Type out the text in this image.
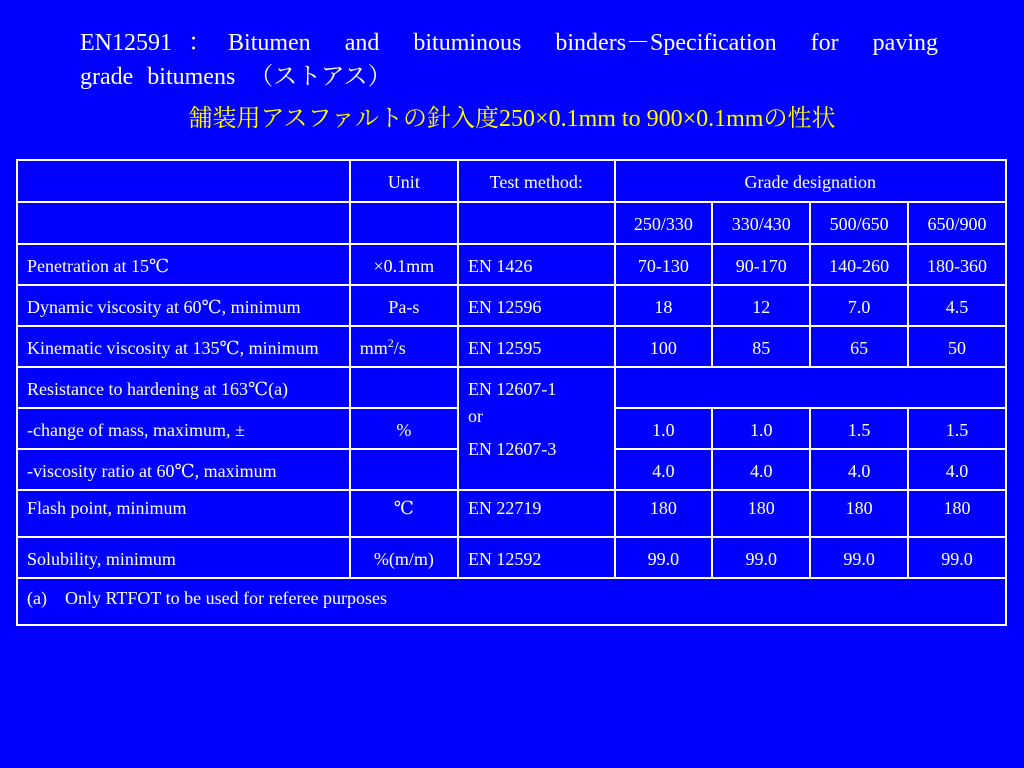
EN12591：Bitumen and bituminous binders－Specification for paving
grade bitumens （ストアス）
舗装用アスファルトの針入度250×0.1mm to 900×0.1mmの性状
	Unit	Test method:	Grade designation			
			250/330	330/430	500/650	650/900
Penetration at 15℃	×0.1mm	EN 1426	70-130	90-170	140-260	180-360
Dynamic viscosity at 60℃, minimum	Pa-s	EN 12596	18	12	7.0	4.5
Kinematic viscosity at 135℃, minimum	$mm^2/s$	EN 12595	100	85	65	50
Resistance to hardening at 163℃(a)		EN 12607-1
or
EN 12607-3				

-change of mass, maximum, ±	%		1.0	1.0	1.5	1.5
-viscosity ratio at 60℃, maximum			4.0	4.0	4.0	4.0
Flash point, minimum	℃	EN 22719	180	180	180	180
Solubility, minimum	%(m/m)	EN 12592	99.0	99.0	99.0	99.0
(a) Only RTFOT to be used for referee purposes						
